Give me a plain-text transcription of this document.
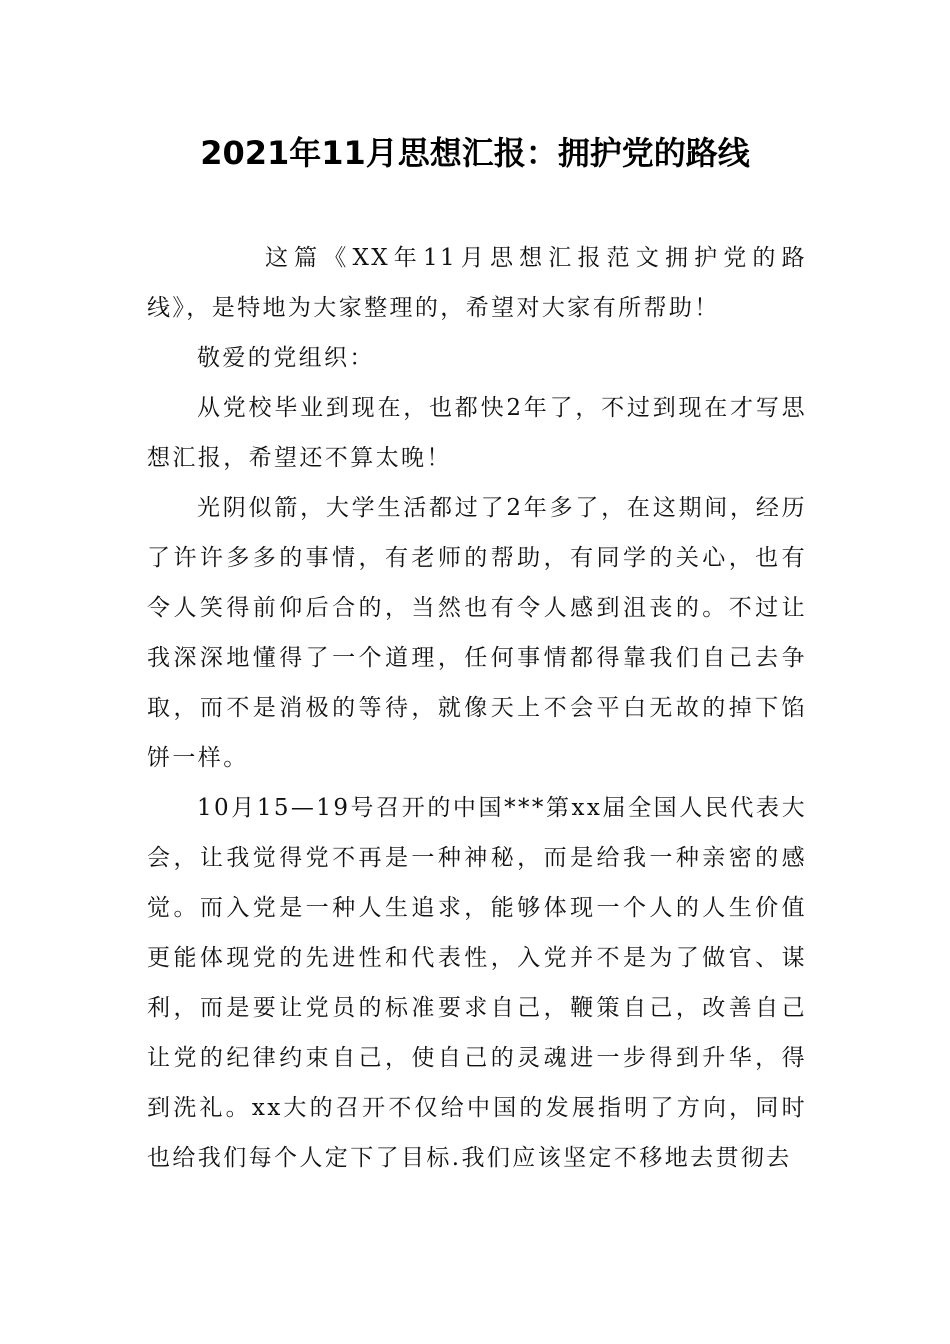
2021年11月思想汇报：拥护党的路线

这篇《XX年11月思想汇报范文拥护党的路线》，是特地为大家整理的，希望对大家有所帮助！

敬爱的党组织：

从党校毕业到现在，也都快2年了，不过到现在才写思想汇报，希望还不算太晚！

光阴似箭，大学生活都过了2年多了，在这期间，经历了许许多多的事情，有老师的帮助，有同学的关心，也有令人笑得前仰后合的，当然也有令人感到沮丧的。不过让我深深地懂得了一个道理，任何事情都得靠我们自己去争取，而不是消极的等待，就像天上不会平白无故的掉下馅饼一样。

10月15—19号召开的中国***第xx届全国人民代表大会，让我觉得党不再是一种神秘，而是给我一种亲密的感觉。而入党是一种人生追求，能够体现一个人的人生价值更能体现党的先进性和代表性，入党并不是为了做官、谋利，而是要让党员的标准要求自己，鞭策自己，改善自己让党的纪律约束自己，使自己的灵魂进一步得到升华，得到洗礼。xx大的召开不仅给中国的发展指明了方向，同时也给我们每个人定下了目标.我们应该坚定不移地去贯彻去
